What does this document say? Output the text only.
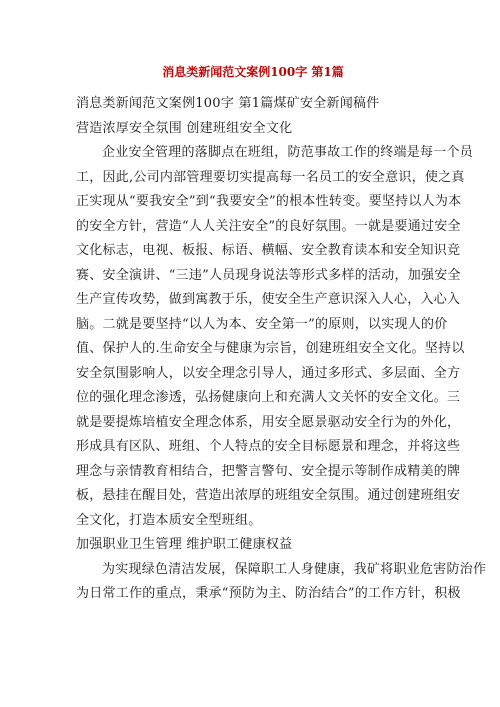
消息类新闻范文案例100字 第1篇
消息类新闻范文案例100字 第1篇煤矿安全新闻稿件
营造浓厚安全氛围 创建班组安全文化
企业安全管理的落脚点在班组，防范事故工作的终端是每一个员
工，因此,公司内部管理要切实提高每一名员工的安全意识，使之真
正实现从“要我安全”到“我要安全”的根本性转变。要坚持以人为本
的安全方针，营造“人人关注安全”的良好氛围。一就是要通过安全
文化标志，电视、板报、标语、横幅、安全教育读本和安全知识竞
赛、安全演讲、“三违”人员现身说法等形式多样的活动，加强安全
生产宣传攻势，做到寓教于乐，使安全生产意识深入人心，入心入
脑。二就是要坚持“以人为本、安全第一”的原则，以实现人的价
值、保护人的.生命安全与健康为宗旨，创建班组安全文化。坚持以
安全氛围影响人，以安全理念引导人，通过多形式、多层面、全方
位的强化理念渗透，弘扬健康向上和充满人文关怀的安全文化。三
就是要提炼培植安全理念体系，用安全愿景驱动安全行为的外化，
形成具有区队、班组、个人特点的安全目标愿景和理念，并将这些
理念与亲情教育相结合，把警言警句、安全提示等制作成精美的牌
板，悬挂在醒目处，营造出浓厚的班组安全氛围。通过创建班组安
全文化，打造本质安全型班组。
加强职业卫生管理 维护职工健康权益
为实现绿色清洁发展，保障职工人身健康，我矿将职业危害防治作
为日常工作的重点，秉承“预防为主、防治结合”的工作方针，积极
